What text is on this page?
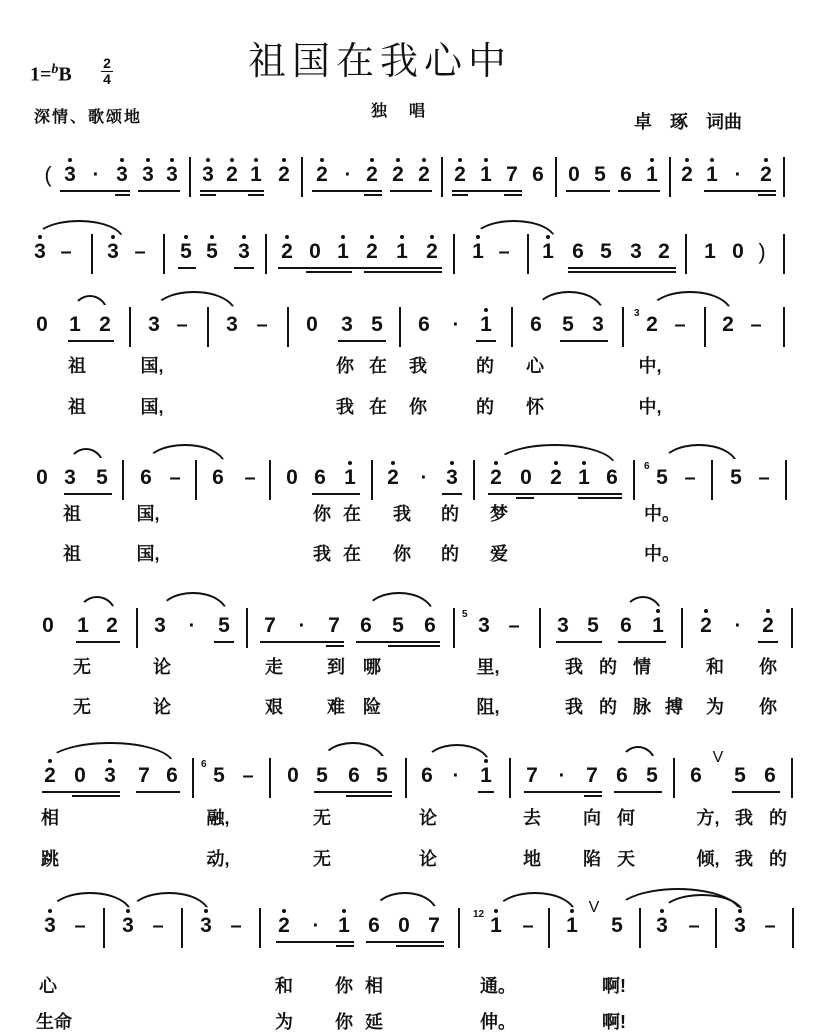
祖国在我心中
1=$^b$B
2
4
深情、歌颂地	独唱
卓 琢 词曲
( 3 · 3 3 3 3 2 1 2 2 · 2 2 2 2 1 7 6 0 5 6 1 2 1 · 2
3 – 3 – 5 5 3 2 0 1 2 1 2 1 – 1 6 5 3 2 1 0 )
0 1 2 3 – 3 – 0 3 5 6 · 1 6 5 3	3 2 – 2 –
0 3 5 6 – 6 – 0 6 1 2 · 3 2 0 2 1 6	6 5 – 5 –
0 1 2 3 · 5 7 · 7 6 5 6	5 3 – 3 5 6 1 2 · 2
2 0 3 7 6 6 5 – 0 5 6 5 6 · 1 7 · 7 6 5 6
V
5 6
3 – 3 – 3 – 2 · 1 6 0 7	12 1 – 1
V
5 3 – 3 –
祖	国,	你 在 我	的 心	中,
祖	国,	我 在 你	的 怀	中,
祖	国,	你 在 我 的 梦	中。
祖	国,	我 在 你 的 爱	中。
无	论	走 到 哪	里,	我 的 情	和 你
无	论	艰 难 险	阻,	我 的 脉 搏 为 你
相	融,	无	论	去 向 何	方, 我 的
跳	动,	无	论	地 陷 天	倾, 我 的
心	和 你 相	通。	啊!
生命	为 你 延	伸。	啊!
